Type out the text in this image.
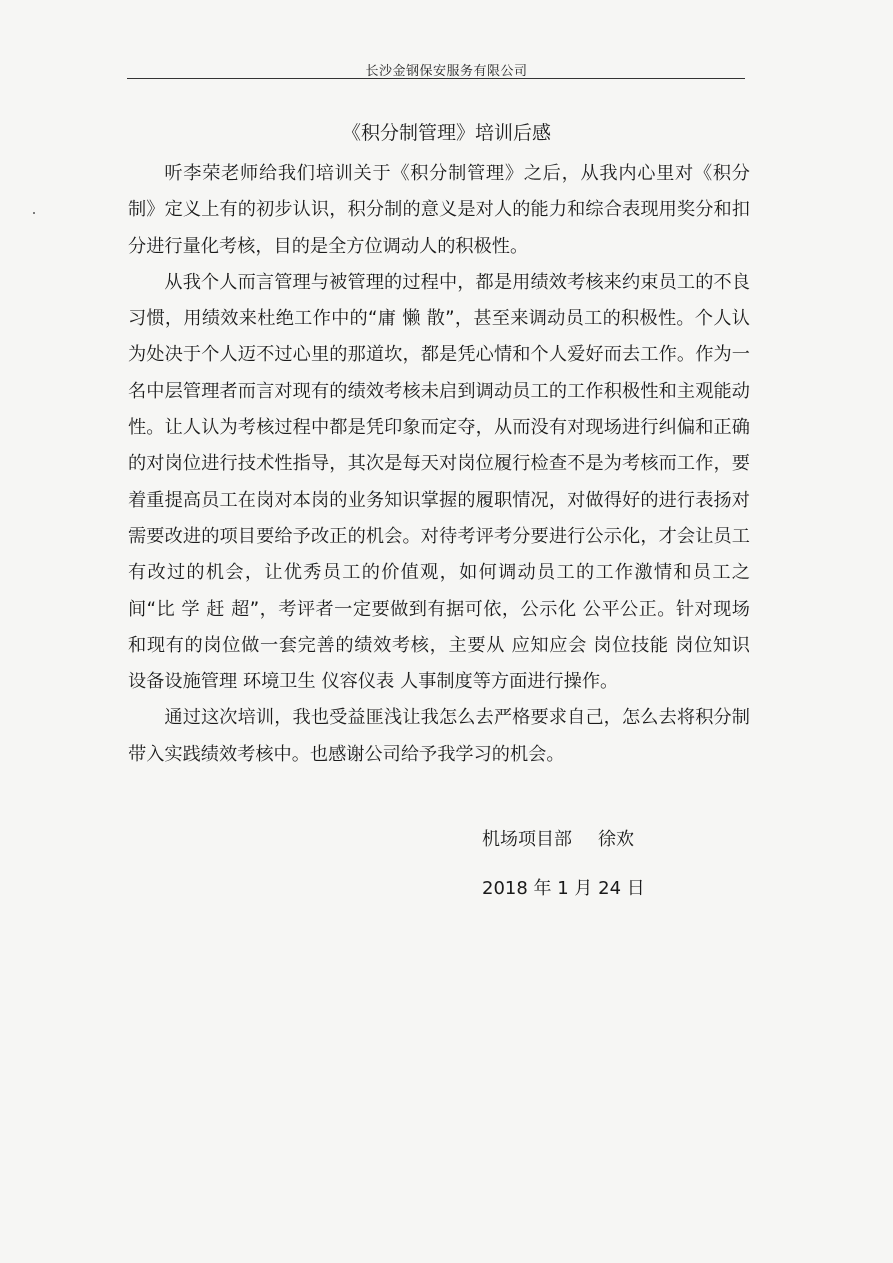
长沙金钢保安服务有限公司
《积分制管理》培训后感

听李荣老师给我们培训关于《积分制管理》之后，从我内心里对《积分制》定义上有的初步认识，积分制的意义是对人的能力和综合表现用奖分和扣分进行量化考核，目的是全方位调动人的积极性。

从我个人而言管理与被管理的过程中，都是用绩效考核来约束员工的不良习惯，用绩效来杜绝工作中的“庸 懒 散”，甚至来调动员工的积极性。个人认为处决于个人迈不过心里的那道坎，都是凭心情和个人爱好而去工作。作为一名中层管理者而言对现有的绩效考核未启到调动员工的工作积极性和主观能动性。让人认为考核过程中都是凭印象而定夺，从而没有对现场进行纠偏和正确的对岗位进行技术性指导，其次是每天对岗位履行检查不是为考核而工作，要着重提高员工在岗对本岗的业务知识掌握的履职情况，对做得好的进行表扬对需要改进的项目要给予改正的机会。对待考评考分要进行公示化，才会让员工有改过的机会，让优秀员工的价值观，如何调动员工的工作激情和员工之间“比 学 赶 超”，考评者一定要做到有据可依，公示化 公平公正。针对现场和现有的岗位做一套完善的绩效考核，主要从 应知应会 岗位技能 岗位知识 设备设施管理 环境卫生 仪容仪表 人事制度等方面进行操作。

通过这次培训，我也受益匪浅让我怎么去严格要求自己，怎么去将积分制带入实践绩效考核中。也感谢公司给予我学习的机会。

机场项目部 徐欢
2018 年 1 月 24 日
